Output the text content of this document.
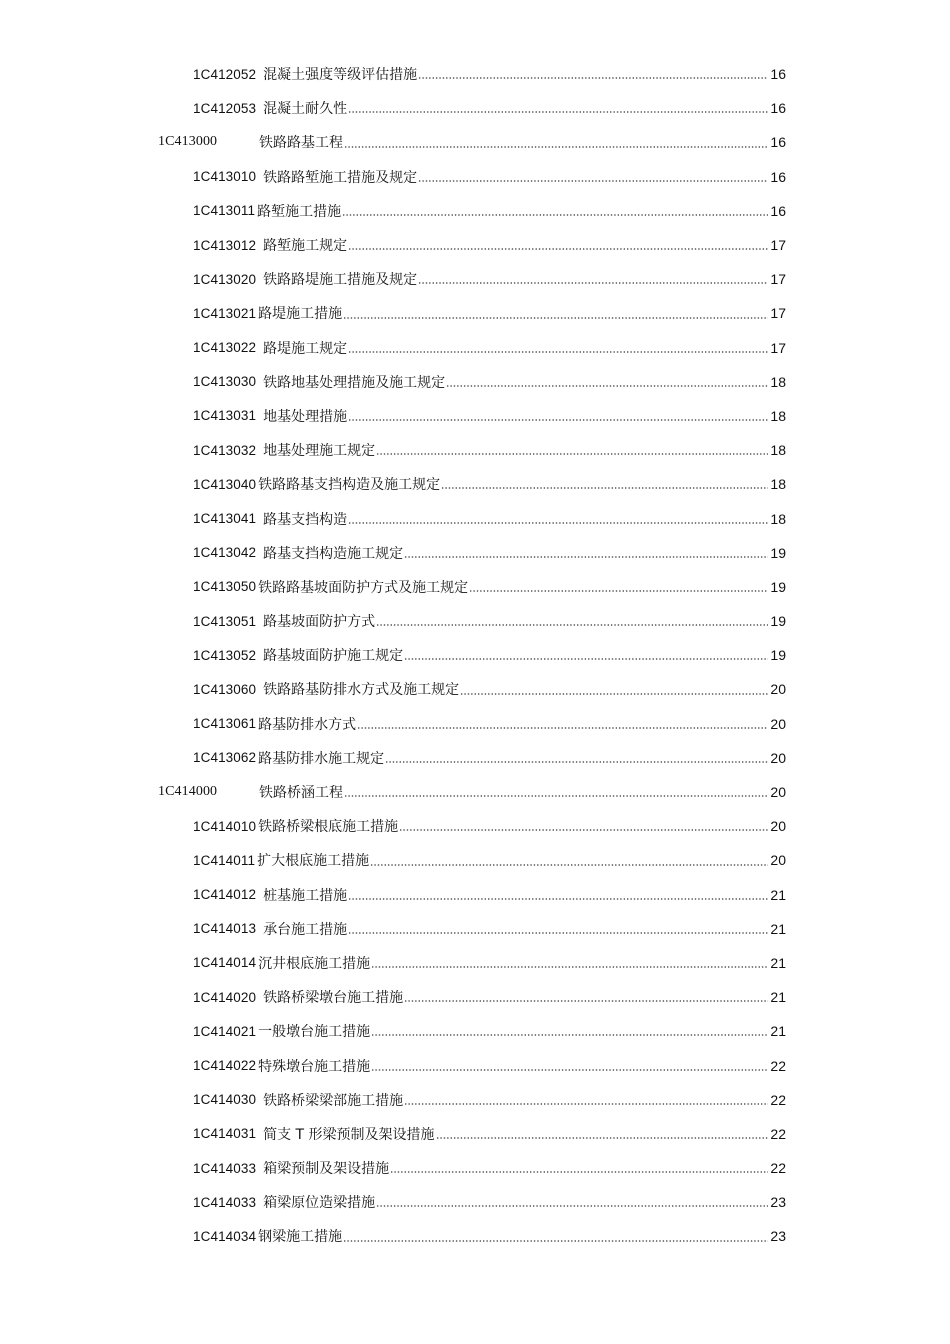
1C412052 混凝土强度等级评估措施	16
1C412053 混凝土耐久性	16
1C413000	铁路路基工程	16
1C413010 铁路路堑施工措施及规定	16
1C413011 路堑施工措施	16
1C413012 路堑施工规定	17
1C413020 铁路路堤施工措施及规定	17
1C413021 路堤施工措施	17
1C413022 路堤施工规定	17
1C413030 铁路地基处理措施及施工规定	18
1C413031 地基处理措施	18
1C413032 地基处理施工规定	18
1C413040 铁路路基支挡构造及施工规定	18
1C413041 路基支挡构造	18
1C413042 路基支挡构造施工规定	19
1C413050 铁路路基坡面防护方式及施工规定	19
1C413051 路基坡面防护方式	19
1C413052 路基坡面防护施工规定	19
1C413060 铁路路基防排水方式及施工规定	20
1C413061 路基防排水方式	20
1C413062 路基防排水施工规定	20
1C414000	铁路桥涵工程	20
1C414010 铁路桥梁根底施工措施	20
1C414011 扩大根底施工措施	20
1C414012 桩基施工措施	21
1C414013 承台施工措施	21
1C414014 沉井根底施工措施	21
1C414020 铁路桥梁墩台施工措施	21
1C414021 一般墩台施工措施	21
1C414022 特殊墩台施工措施	22
1C414030 铁路桥梁梁部施工措施	22
1C414031 简支 T 形梁预制及架设措施	22
1C414033 箱梁预制及架设措施	22
1C414033 箱梁原位造梁措施	23
1C414034 钢梁施工措施	23
